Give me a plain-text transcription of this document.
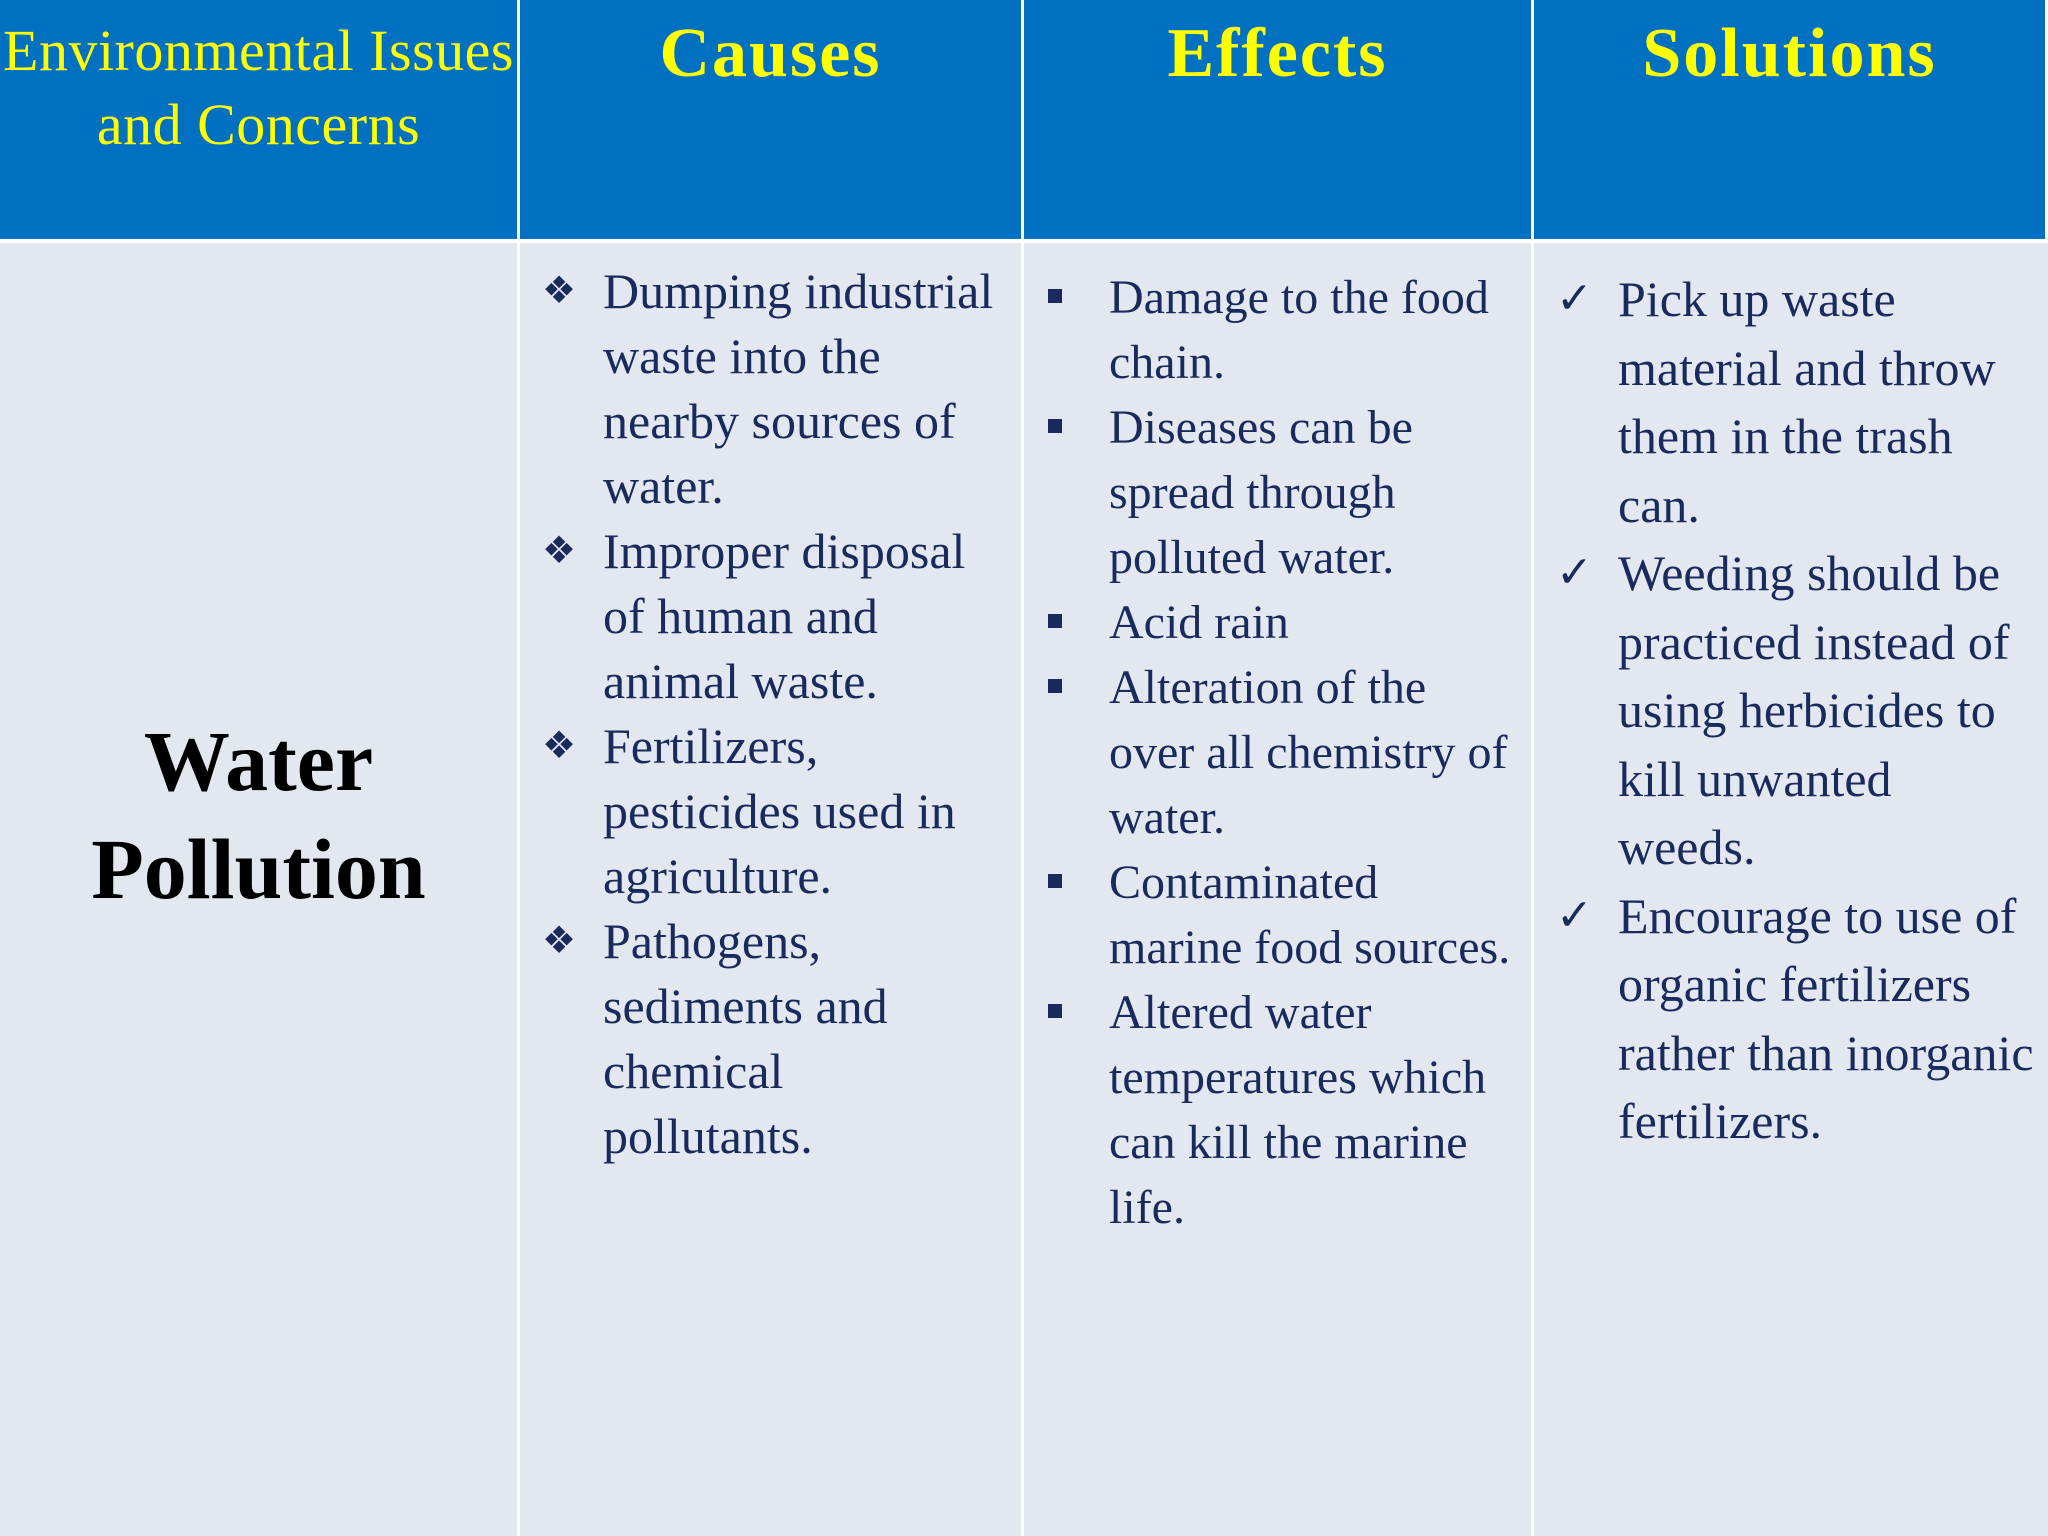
Environmental Issues and Concerns
Causes	Effects	Solutions
Water Pollution
❖ Dumping industrial waste into the nearby sources of water.
❖ Improper disposal of human and animal waste.
❖ Fertilizers, pesticides used in agriculture.
❖ Pathogens, sediments and chemical pollutants.
Damage to the food chain.
Diseases can be spread through polluted water.
Acid rain
Alteration of the over all chemistry of water.
Contaminated marine food sources.
Altered water temperatures which can kill the marine life.
✓ Pick up waste material and throw them in the trash can.
✓ Weeding should be practiced instead of using herbicides to kill unwanted weeds.
✓ Encourage to use of organic fertilizers rather than inorganic fertilizers.
